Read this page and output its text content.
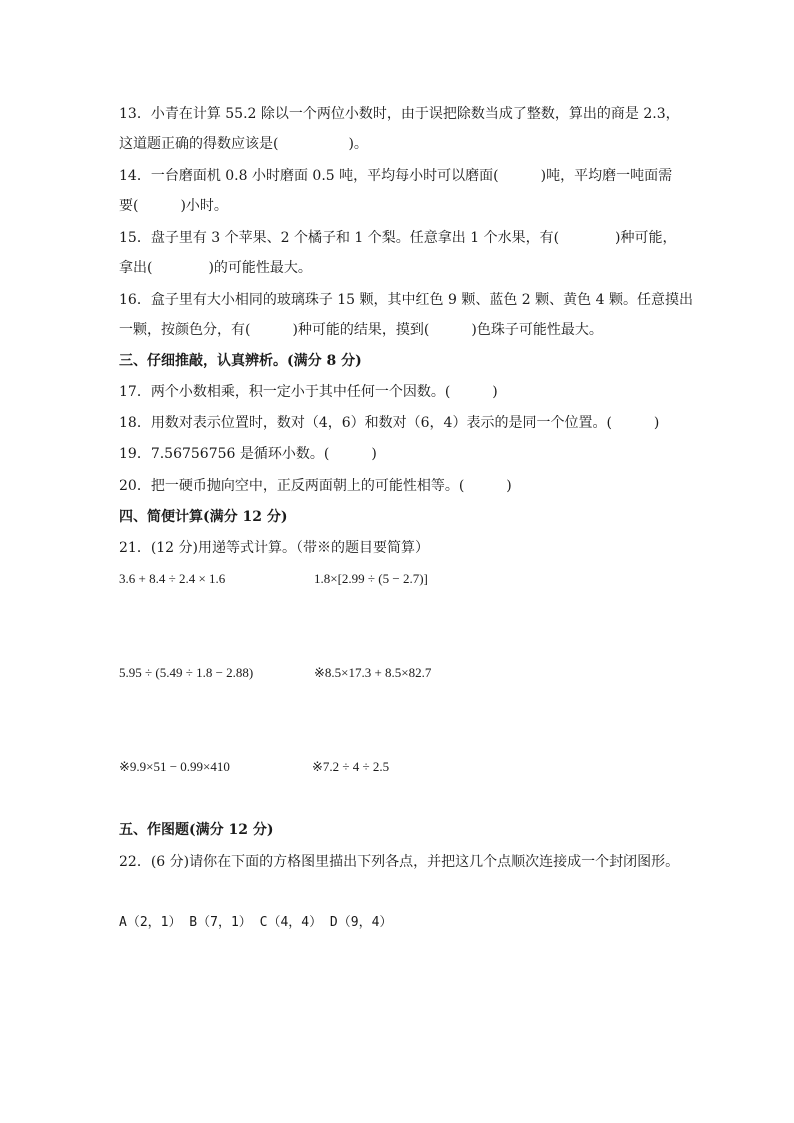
13．小青在计算 55.2 除以一个两位小数时，由于误把除数当成了整数，算出的商是 2.3，
这道题正确的得数应该是(　　　　　)。
14．一台磨面机 0.8 小时磨面 0.5 吨，平均每小时可以磨面(　　　)吨，平均磨一吨面需
要(　　　)小时。
15．盘子里有 3 个苹果、2 个橘子和 1 个梨。任意拿出 1 个水果，有(　　　　)种可能，
拿出(　　　　)的可能性最大。
16．盒子里有大小相同的玻璃珠子 15 颗，其中红色 9 颗、蓝色 2 颗、黄色 4 颗。任意摸出
一颗，按颜色分，有(　　　)种可能的结果，摸到(　　　)色珠子可能性最大。
三、仔细推敲，认真辨析。(满分 8 分)
17．两个小数相乘，积一定小于其中任何一个因数。(　　　)
18．用数对表示位置时，数对（4，6）和数对（6，4）表示的是同一个位置。(　　　)
19．7.56756756 是循环小数。(　　　)
20．把一硬币抛向空中，正反两面朝上的可能性相等。(　　　)
四、简便计算(满分 12 分)
21．(12 分)用递等式计算。（带※的题目要简算）
3.6 + 8.4 ÷ 2.4 × 1.6	1.8×[2.99 ÷ (5 − 2.7)]
5.95 ÷ (5.49 ÷ 1.8 − 2.88)	※8.5×17.3 + 8.5×82.7
※9.9×51 − 0.99×410	※7.2 ÷ 4 ÷ 2.5
五、作图题(满分 12 分)
22．(6 分)请你在下面的方格图里描出下列各点，并把这几个点顺次连接成一个封闭图形。
A（2，1） B（7，1） C（4，4） D（9，4）
